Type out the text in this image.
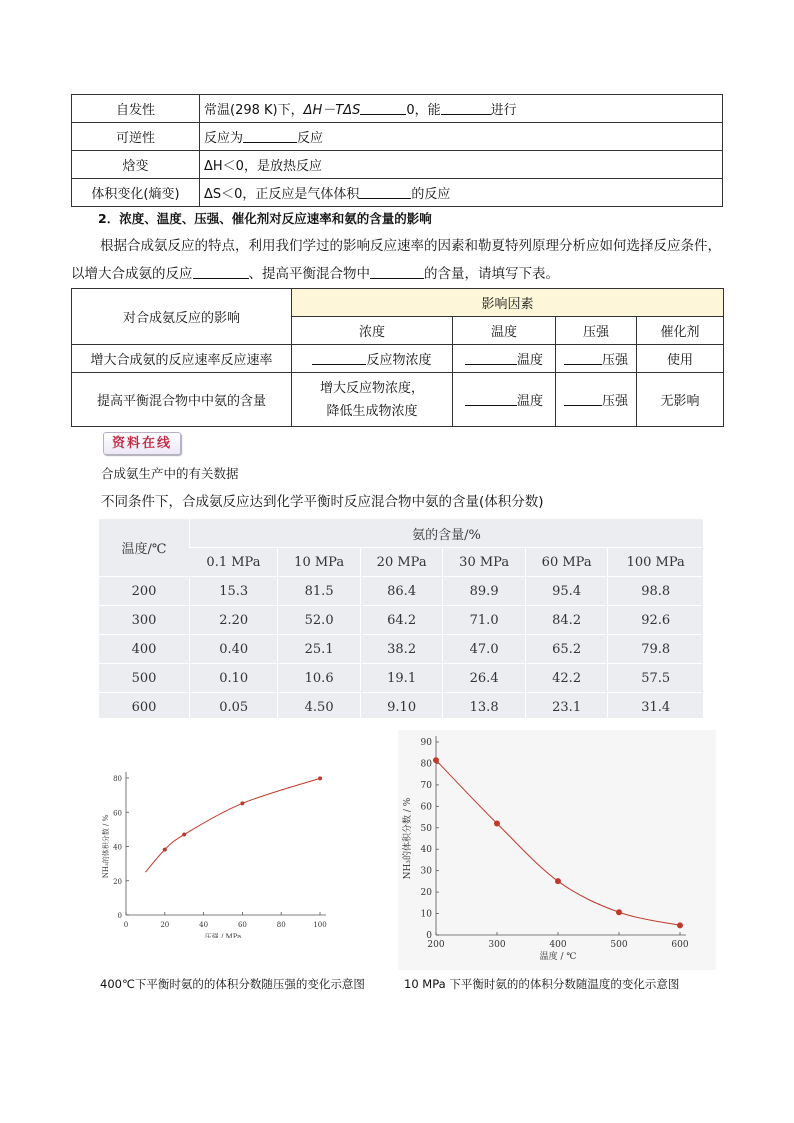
自发性	常温(298 K)下，ΔH－TΔS 0，能 进行
可逆性	反应为 反应
焓变	ΔH＜0，是放热反应
体积变化(熵变)	ΔS＜0，正反应是气体体积 的反应
2．浓度、温度、压强、催化剂对反应速率和氨的含量的影响
根据合成氨反应的特点，利用我们学过的影响反应速率的因素和勒夏特列原理分析应如何选择反应条件，以增大合成氨的反应	、提高平衡混合物中	的含量，请填写下表。
对合成氨反应的影响	影响因素			
	浓度	温度	压强	催化剂
增大合成氨的反应速率反应速率	反应物浓度	温度	压强	使用
提高平衡混合物中中氨的含量	增大反应物浓度，
降低生成物浓度	温度	压强	无影响
资料在线
合成氨生产中的有关数据
不同条件下，合成氨反应达到化学平衡时反应混合物中氨的含量(体积分数)
温度/℃	氨的含量/%					
	0.1 MPa	10 MPa	20 MPa	30 MPa	60 MPa	100 MPa
200	15.3	81.5	86.4	89.9	95.4	98.8
300	2.20	52.0	64.2	71.0	84.2	92.6
400	0.40	25.1	38.2	47.0	65.2	79.8
500	0.10	10.6	19.1	26.4	42.2	57.5
600	0.05	4.50	9.10	13.8	23.1	31.4
0	20	40	60	80	100
0
20
40
60
80
压强 / MPa
NH₃的体积分数 / %
200	300	400	500	600
0
10
20
30
40
50
60
70
80
90
温度 / ℃
NH₃的体积分数 / %
400℃下平衡时氨的的体积分数随压强的变化示意图	10 MPa 下平衡时氨的的体积分数随温度的变化示意图
